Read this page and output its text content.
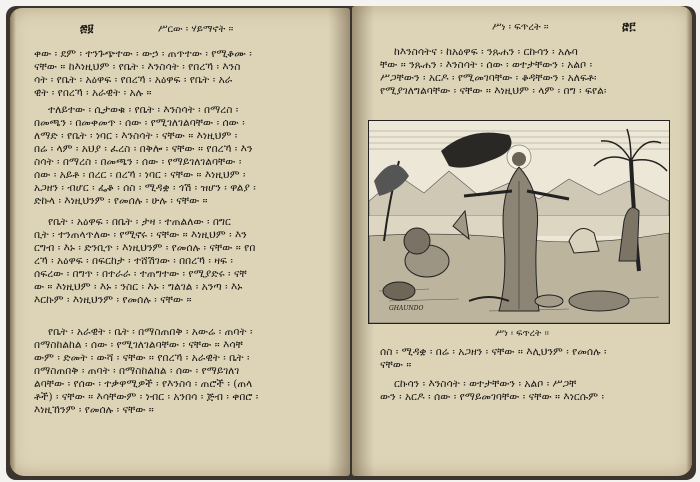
፷፱	ሥርው ፡ ሃይማኖት ።
ቀው ፡ ደም ፡ ተንጉጭተው ፡ ውኃ ፡ ጠጥተው ፡ የሚቆሙ ፡
ናቸው ። ከእነዚህም ፡ የቤት ፡ እንስሳት ፡ የበረኻ ፡ እንስ
ሳት ፡ የቤት ፡ አዕዋፍ ፡ የበረኻ ፡ አዕዋፍ ፡ የቤት ፡ አራ
ዊት ፡ የበረኻ ፡ አራዊት ፡ አሉ ።
ተለይተው ፡ ሲታወቁ ፡ የቤት ፡ እንስሳት ፡ በማረስ ፡
በመጫን ፡ በመቀመጥ ፡ ሰው ፡ የሚገለገልባቸው ፡ ሰው ፡
ለማድ ፡ የቤት ፡ ነባር ፡ እንስሳት ፡ ናቸው ። እነዚህም ፡
በሬ ፡ ላም ፡ አህያ ፡ ፈረስ ፡ በቅሎ ፡ ናቸው ። የበረኻ ፡ እን
ስሳት ፡ በማረስ ፡ በመጫን ፡ ሰው ፡ የማይገለገልባቸው ፡
ሰው ፡ አይቶ ፡ በረር ፡ በረኻ ፡ ነባር ፡ ናቸው ። እነዚህም ፡
አጋዘን ፡ ብሆር ፡ ፌቆ ፡ ሰስ ፡ ሚዳቋ ፡ ጎሽ ፡ ዝሆን ፡ ዋልያ ፡
ድኩላ ፡ እነዚህንም ፡ የመሰሉ ፡ ሁሉ ፡ ናቸው ።
የቤት ፡ አዕዋፍ ፡ በቤት ፡ ታዛ ፡ ተጠልለው ፡ በግር
ቢት ፡ ተንጠላጥለው ፡ የሚኖሩ ፡ ናቸው ። እነዚህም ፡ እን
ርግብ ፡ እኑ ፡ ድንቢጥ ፡ እነዚህንም ፡ የመሰሉ ፡ ናቸው ። የበ
ረኻ ፡ አዕዋፍ ፡ በፍርከታ ፡ ተሸሽገው ፡ በበረኻ ፡ ዛፍ ፡
ሰፍረው ፡ በግጥ ፡ በተራራ ፡ ተጠግተው ፡ የሚያድሩ ፡ ናቸ
ው ። እነዚህም ፡ እኑ ፡ ንስር ፡ እኑ ፡ ግልገል ፡ አንጣ ፡ እኑ
እርኩም ፡ እነዚህንም ፡ የመሰሉ ፡ ናቸው ።
የቤት ፡ አራዊት ፡ ቤት ፡ በማስጠበቅ ፡ አውሬ ፡ ጠባት ፡
በማስከልከል ፡ ሰው ፡ የሚገለገልባቸው ፡ ናቸው ። እሳቸ
ውም ፡ ድመት ፡ ውሻ ፡ ናቸው ። የበረኻ ፡ አራዊት ፡ ቤት ፡
በማስጠበቅ ፡ ጠባት ፡ በማስከልከል ፡ ሰው ፡ የማይገለገ
ልባቸው ፡ የሰው ፡ ተቃዋሚዎች ፡ የእንስሳ ፡ ጠሮች ፡ (ጠላ
ቶች) ፡ ናቸው ። እሳቸውም ፡ ነብር ፡ አንበሳ ፡ ጅብ ፡ ቀበሮ ፡
እነዚኸንም ፡ የመሰሉ ፡ ናቸው ።
ሥነ ፡ ፍጥረት ።	፸፫
ከእንስሳትና ፡ ከአዕዋፍ ፡ ንጹሐን ፡ ርኩሳን ፡ አሉባ
ቸው ። ንጹሐን ፡ እንስሳት ፡ ሰው ፡ ወተታቸውን ፡ አልቦ ፡
ሥጋቸውን ፡ አርዶ ፡ የሚመገባቸው ፡ ቆዳቸውን ፡ አለፍቶ፡
የሚያገለግልባቸው ፡ ናቸው ። እነዚህም ፡ ላም ፡ በግ ፡ ፍየል፡
GHAUNDO
ሥነ ፡ ፍጥረት ።
ሰስ ፡ ሚዳቋ ፡ በሬ ፡ አጋዘን ፡ ናቸው ። እሊህንም ፡ የመሰሉ ፡
ናቸው ።
ርኩሳን ፡ እንስሳት ፡ ወተታቸውን ፡ አልቦ ፡ ሥጋቸ
ውን ፡ አርዶ ፡ ሰው ፡ የማይመገባቸው ፡ ናቸው ። እነርሱም ፡
